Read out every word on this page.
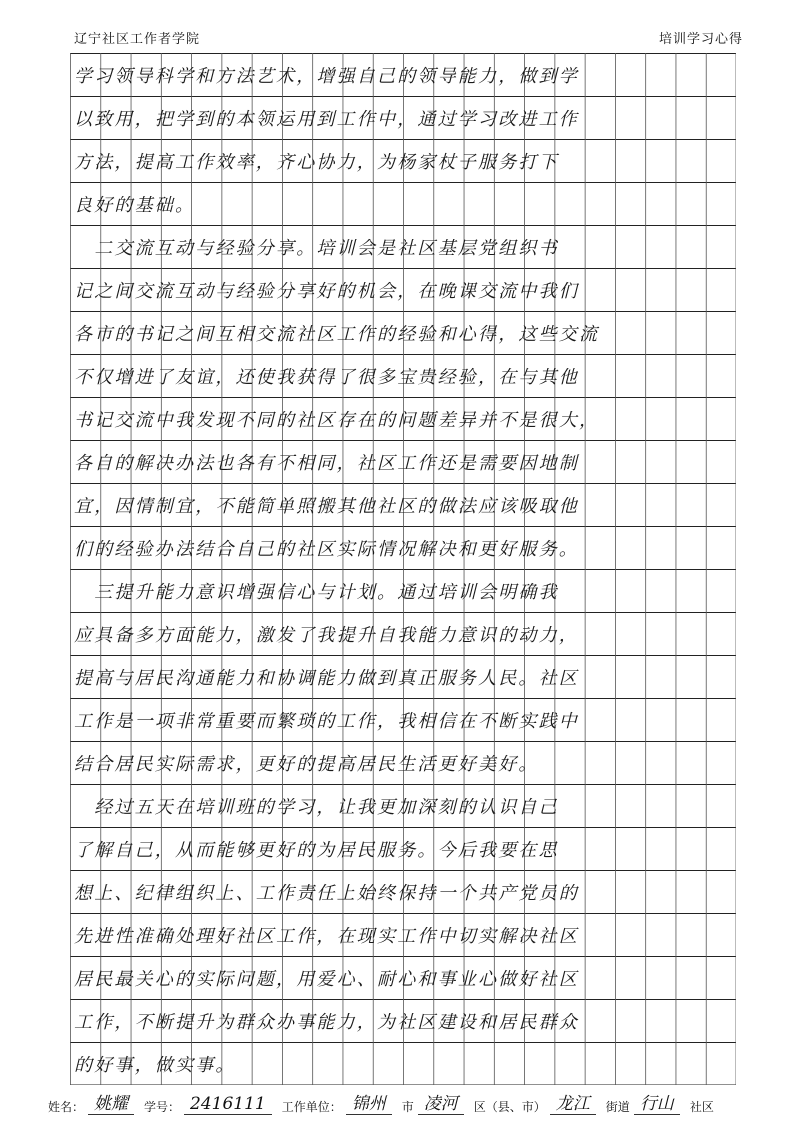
辽宁社区工作者学院	培训学习心得
学习领导科学和方法艺术，增强自己的领导能力，做到学
以致用，把学到的本领运用到工作中，通过学习改进工作
方法，提高工作效率，齐心协力，为杨家杖子服务打下
良好的基础。
　二交流互动与经验分享。培训会是社区基层党组织书
记之间交流互动与经验分享好的机会，在晚课交流中我们
各市的书记之间互相交流社区工作的经验和心得，这些交流
不仅增进了友谊，还使我获得了很多宝贵经验，在与其他
书记交流中我发现不同的社区存在的问题差异并不是很大，
各自的解决办法也各有不相同，社区工作还是需要因地制
宜，因情制宜，不能简单照搬其他社区的做法应该吸取他
们的经验办法结合自己的社区实际情况解决和更好服务。
　三提升能力意识增强信心与计划。通过培训会明确我
应具备多方面能力，激发了我提升自我能力意识的动力，
提高与居民沟通能力和协调能力做到真正服务人民。社区
工作是一项非常重要而繁琐的工作，我相信在不断实践中
结合居民实际需求，更好的提高居民生活更好美好。
　经过五天在培训班的学习，让我更加深刻的认识自己
了解自己，从而能够更好的为居民服务。今后我要在思
想上、纪律组织上、工作责任上始终保持一个共产党员的
先进性准确处理好社区工作，在现实工作中切实解决社区
居民最关心的实际问题，用爱心、耐心和事业心做好社区
工作，不断提升为群众办事能力，为社区建设和居民群众
的好事，做实事。
姓名： 姚耀	学号： 2416111	工作单位： 锦州	市 凌河	区（县、市） 龙江	街道 行山	社区
